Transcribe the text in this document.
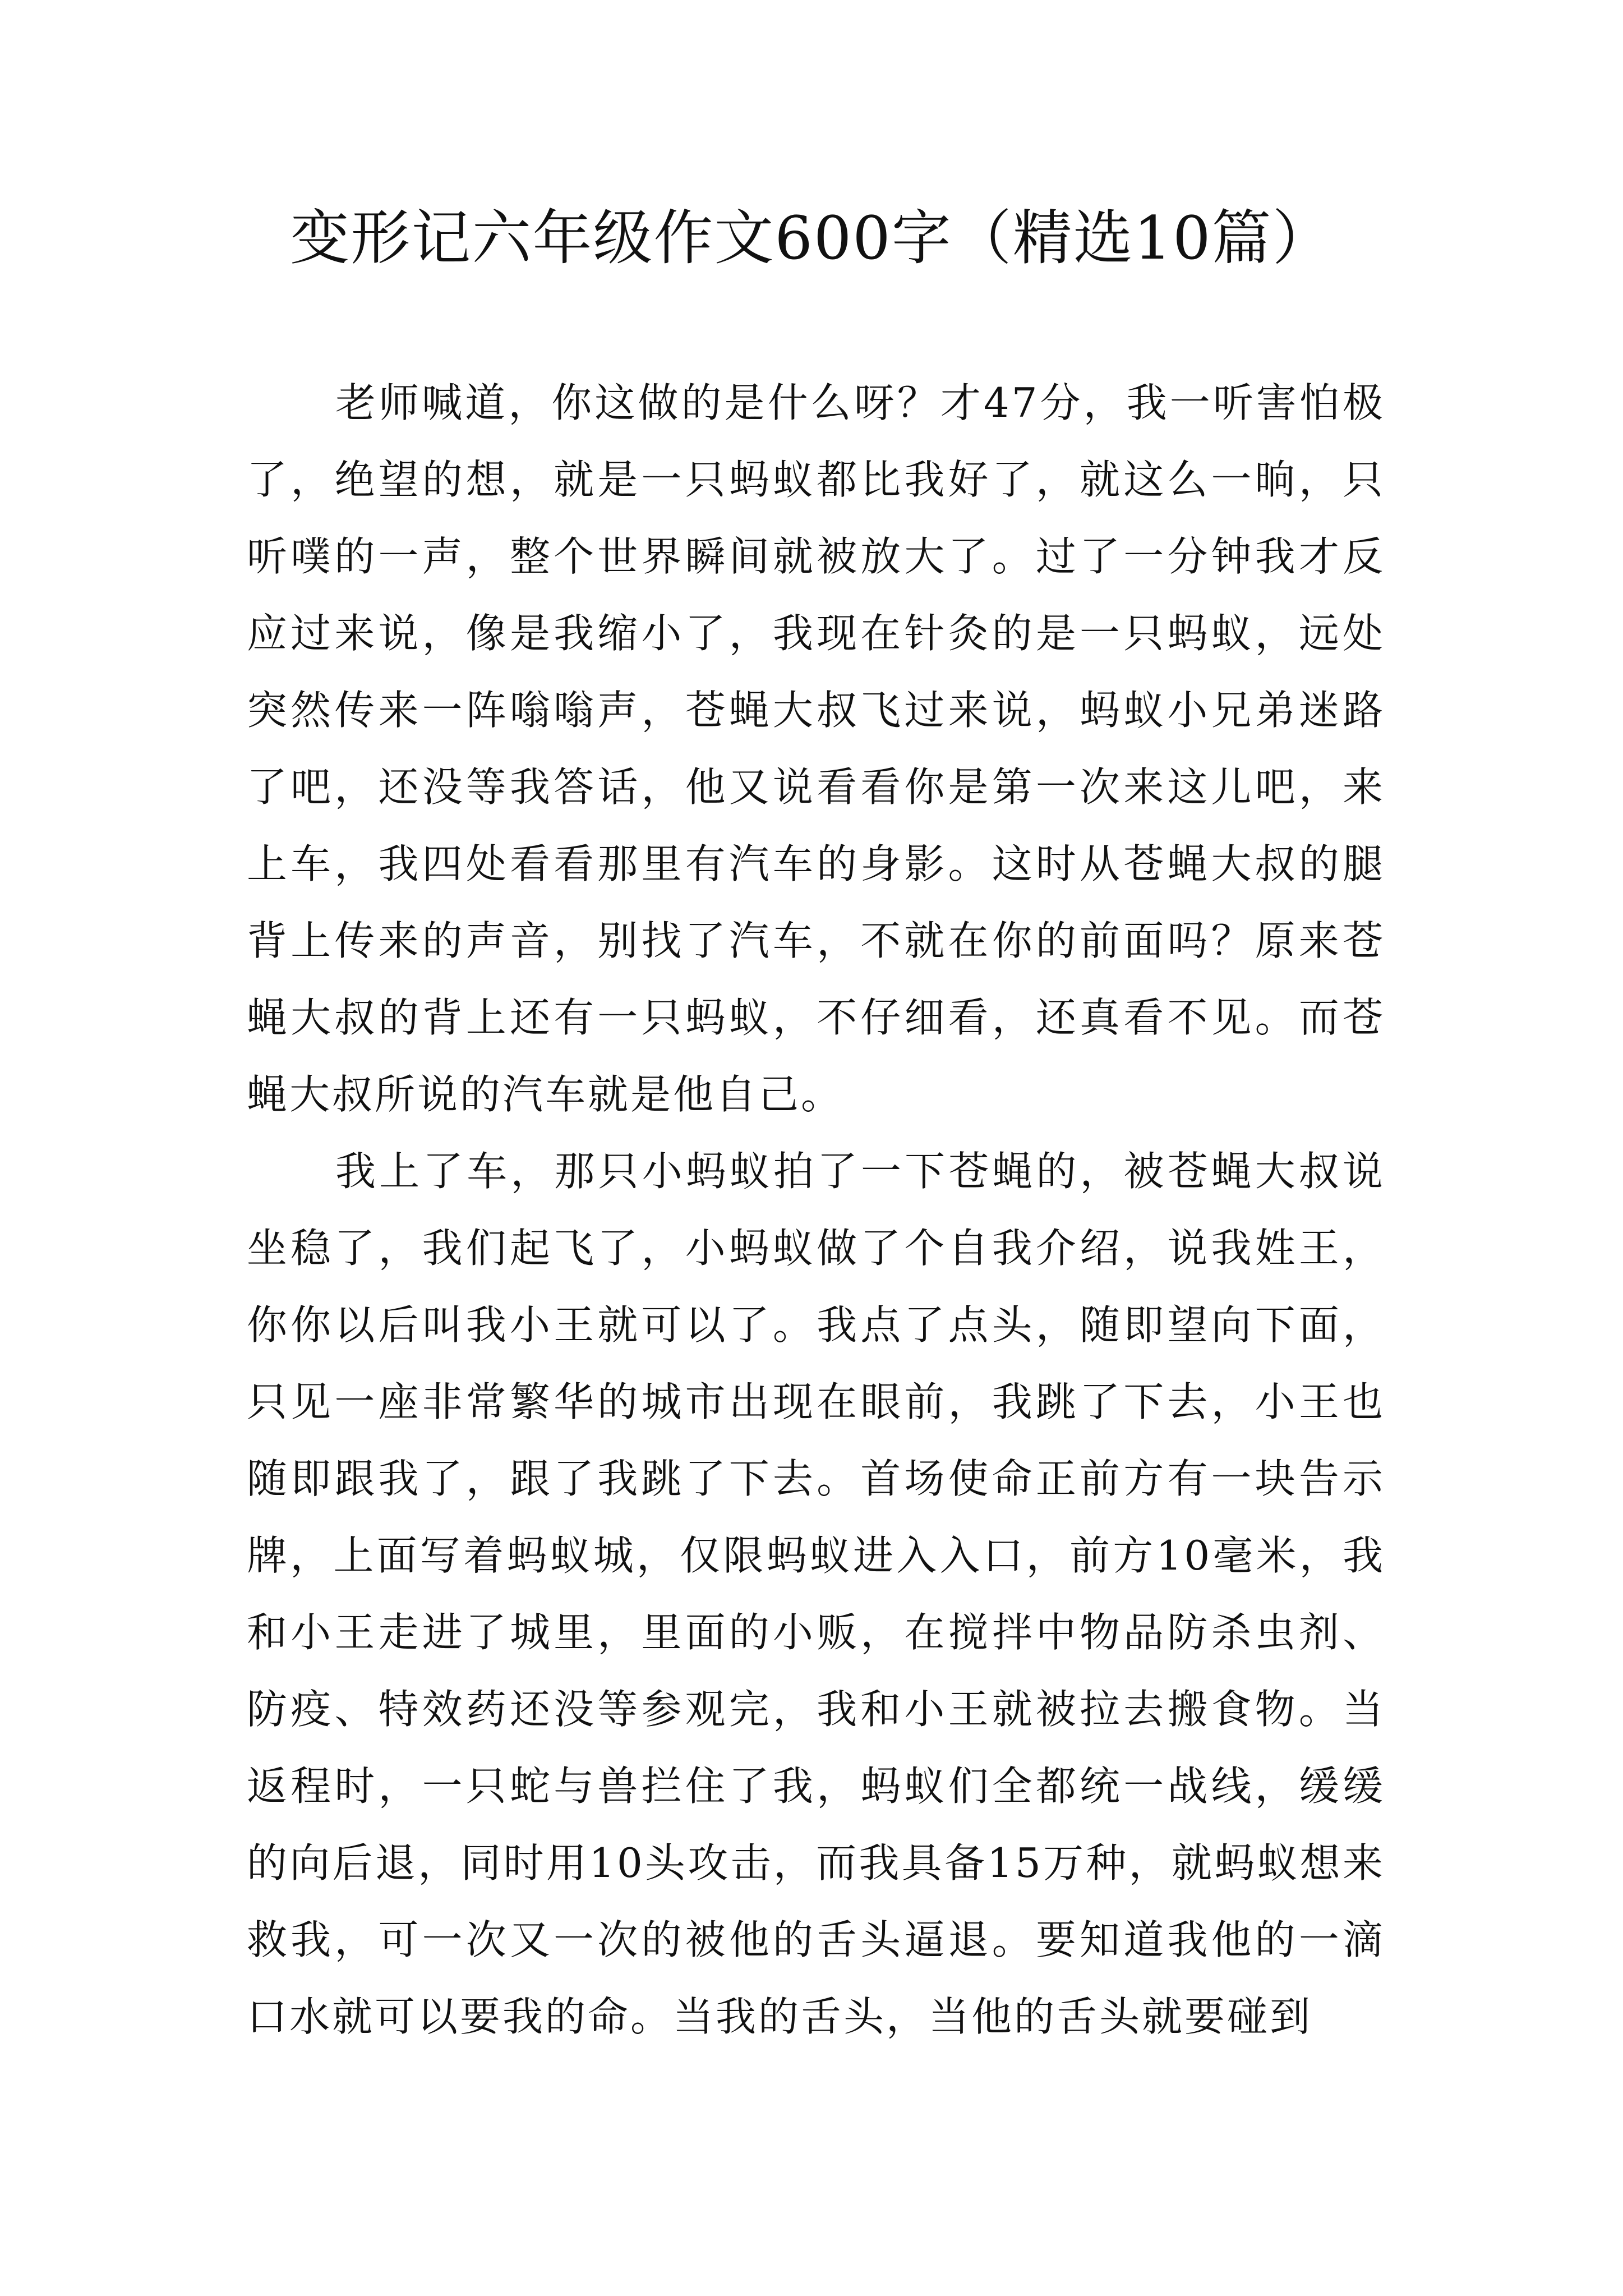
变形记六年级作文600字（精选10篇）

老师喊道，你这做的是什么呀？才47分，我一听害怕极了，绝望的想，就是一只蚂蚁都比我好了，就这么一晌，只听噗的一声，整个世界瞬间就被放大了。过了一分钟我才反应过来说，像是我缩小了，我现在针灸的是一只蚂蚁，远处突然传来一阵嗡嗡声，苍蝇大叔飞过来说，蚂蚁小兄弟迷路了吧，还没等我答话，他又说看看你是第一次来这儿吧，来上车，我四处看看那里有汽车的身影。这时从苍蝇大叔的腿背上传来的声音，别找了汽车，不就在你的前面吗？原来苍蝇大叔的背上还有一只蚂蚁，不仔细看，还真看不见。而苍蝇大叔所说的汽车就是他自己。

我上了车，那只小蚂蚁拍了一下苍蝇的，被苍蝇大叔说坐稳了，我们起飞了，小蚂蚁做了个自我介绍，说我姓王，你你以后叫我小王就可以了。我点了点头，随即望向下面，只见一座非常繁华的城市出现在眼前，我跳了下去，小王也随即跟我了，跟了我跳了下去。首场使命正前方有一块告示牌，上面写着蚂蚁城，仅限蚂蚁进入入口，前方10毫米，我和小王走进了城里，里面的小贩，在搅拌中物品防杀虫剂、防疫、特效药还没等参观完，我和小王就被拉去搬食物。当返程时，一只蛇与兽拦住了我，蚂蚁们全都统一战线，缓缓的向后退，同时用10头攻击，而我具备15万种，就蚂蚁想来救我，可一次又一次的被他的舌头逼退。要知道我他的一滴口水就可以要我的命。当我的舌头，当他的舌头就要碰到
